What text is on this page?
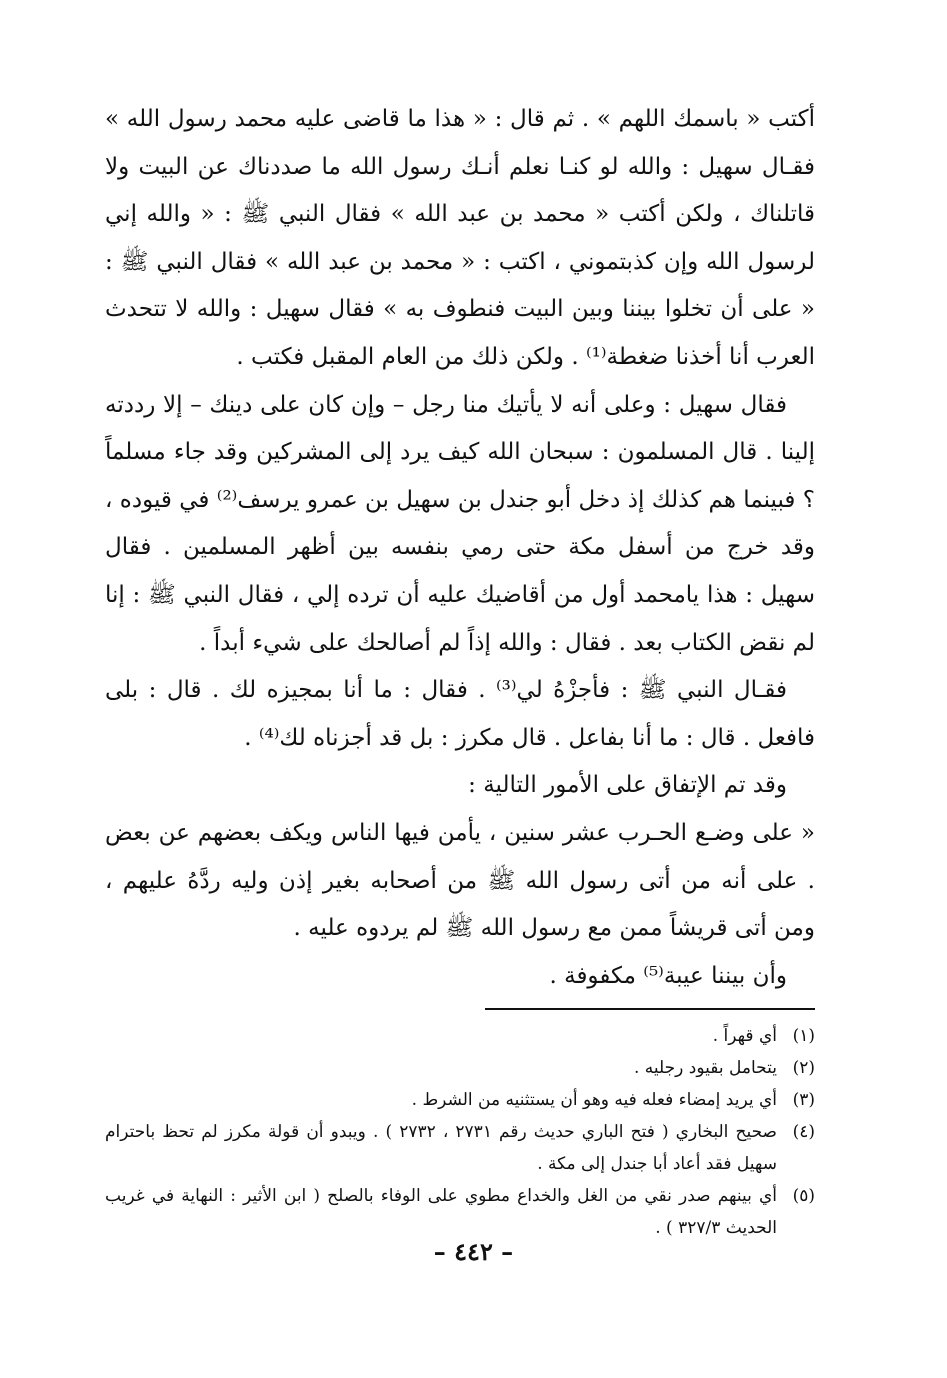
أكتب « باسمك اللهم » . ثم قال : « هذا ما قاضى عليه محمد رسول الله » فقـال سهيل : والله لو كنـا نعلم أنـك رسول الله ما صددناك عن البيت ولا قاتلناك ، ولكن أكتب « محمد بن عبد الله » فقال النبي ﷺ : « والله إني لرسول الله وإن كذبتموني ، اكتب : « محمد بن عبد الله » فقال النبي ﷺ : « على أن تخلوا بيننا وبين البيت فنطوف به » فقال سهيل : والله لا تتحدث العرب أنا أخذنا ضغطة⁽¹⁾ . ولكن ذلك من العام المقبل فكتب .

فقال سهيل : وعلى أنه لا يأتيك منا رجل – وإن كان على دينك – إلا رددته إلينا . قال المسلمون : سبحان الله كيف يرد إلى المشركين وقد جاء مسلماً ؟ فبينما هم كذلك إذ دخل أبو جندل بن سهيل بن عمرو يرسف⁽²⁾ في قيوده ، وقد خرج من أسفل مكة حتى رمي بنفسه بين أظهر المسلمين . فقال سهيل : هذا يامحمد أول من أقاضيك عليه أن ترده إلي ، فقال النبي ﷺ : إنا لم نقض الكتاب بعد . فقال : والله إذاً لم أصالحك على شيء أبداً .

فقـال النبي ﷺ : فأجزْهُ لي⁽³⁾ . فقال : ما أنا بمجيزه لك . قال : بلى فافعل . قال : ما أنا بفاعل . قال مكرز : بل قد أجزناه لك⁽⁴⁾ .

وقد تم الإتفاق على الأمور التالية :

« على وضـع الحـرب عشر سنين ، يأمن فيها الناس ويكف بعضهم عن بعض . على أنه من أتى رسول الله ﷺ من أصحابه بغير إذن وليه ردَّهُ عليهم ، ومن أتى قريشاً ممن مع رسول الله ﷺ لم يردوه عليه .

وأن بيننا عيبة⁽⁵⁾ مكفوفة .

(١)
أي قهراً .
(٢)
يتحامل بقيود رجليه .
(٣)
أي يريد إمضاء فعله فيه وهو أن يستثنيه من الشرط .
(٤)
صحيح البخاري ( فتح الباري حديث رقم ٢٧٣١ ، ٢٧٣٢ ) . ويبدو أن قولة مكرز لم تحظ باحترام سهيل فقد أعاد أبا جندل إلى مكة .
(٥)
أي بينهم صدر نقي من الغل والخداع مطوي على الوفاء بالصلح ( ابن الأثير : النهاية في غريب الحديث ٣٢٧/٣ ) .
– ٤٤٢ –
